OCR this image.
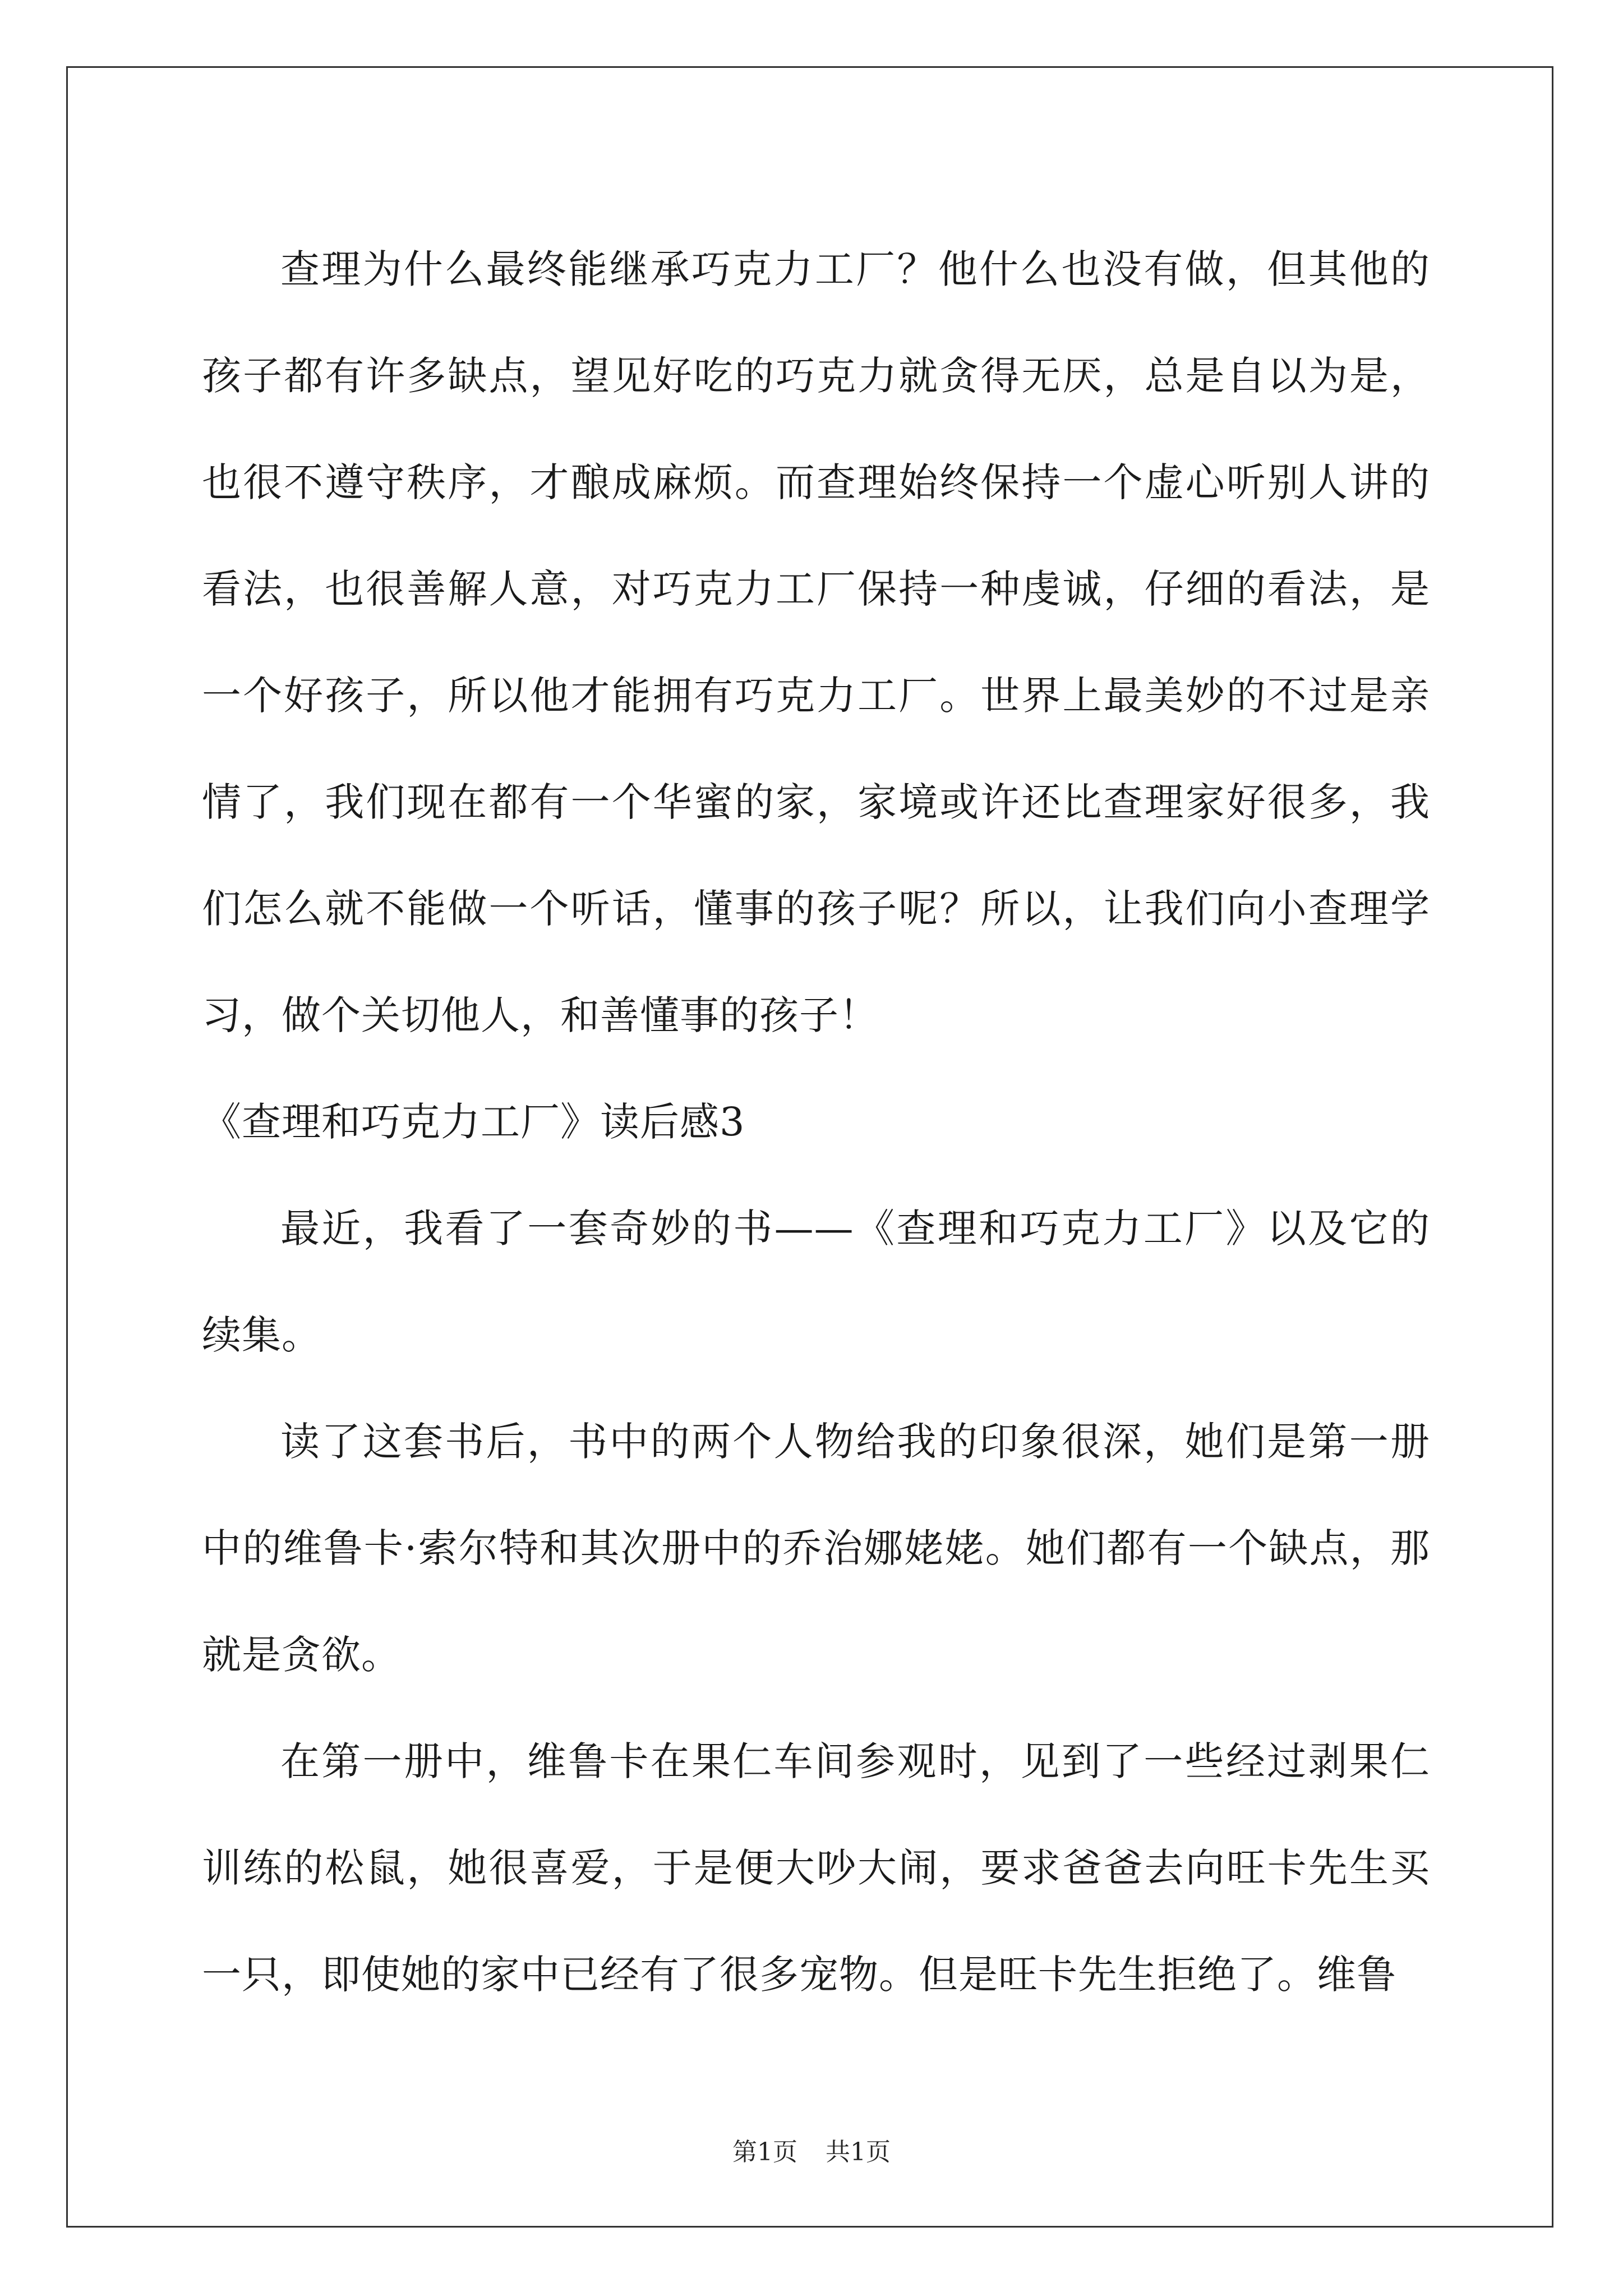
查理为什么最终能继承巧克力工厂？他什么也没有做，但其他的孩子都有许多缺点，望见好吃的巧克力就贪得无厌，总是自以为是，也很不遵守秩序，才酿成麻烦。而查理始终保持一个虚心听别人讲的看法，也很善解人意，对巧克力工厂保持一种虔诚，仔细的看法，是一个好孩子，所以他才能拥有巧克力工厂。世界上最美妙的不过是亲情了，我们现在都有一个华蜜的家，家境或许还比查理家好很多，我们怎么就不能做一个听话，懂事的孩子呢？所以，让我们向小查理学习，做个关切他人，和善懂事的孩子！

《查理和巧克力工厂》读后感3

最近，我看了一套奇妙的书——《查理和巧克力工厂》以及它的续集。

读了这套书后，书中的两个人物给我的印象很深，她们是第一册中的维鲁卡·索尔特和其次册中的乔治娜姥姥。她们都有一个缺点，那就是贪欲。

在第一册中，维鲁卡在果仁车间参观时，见到了一些经过剥果仁训练的松鼠，她很喜爱，于是便大吵大闹，要求爸爸去向旺卡先生买一只，即使她的家中已经有了很多宠物。但是旺卡先生拒绝了。维鲁

第1页 共1页
